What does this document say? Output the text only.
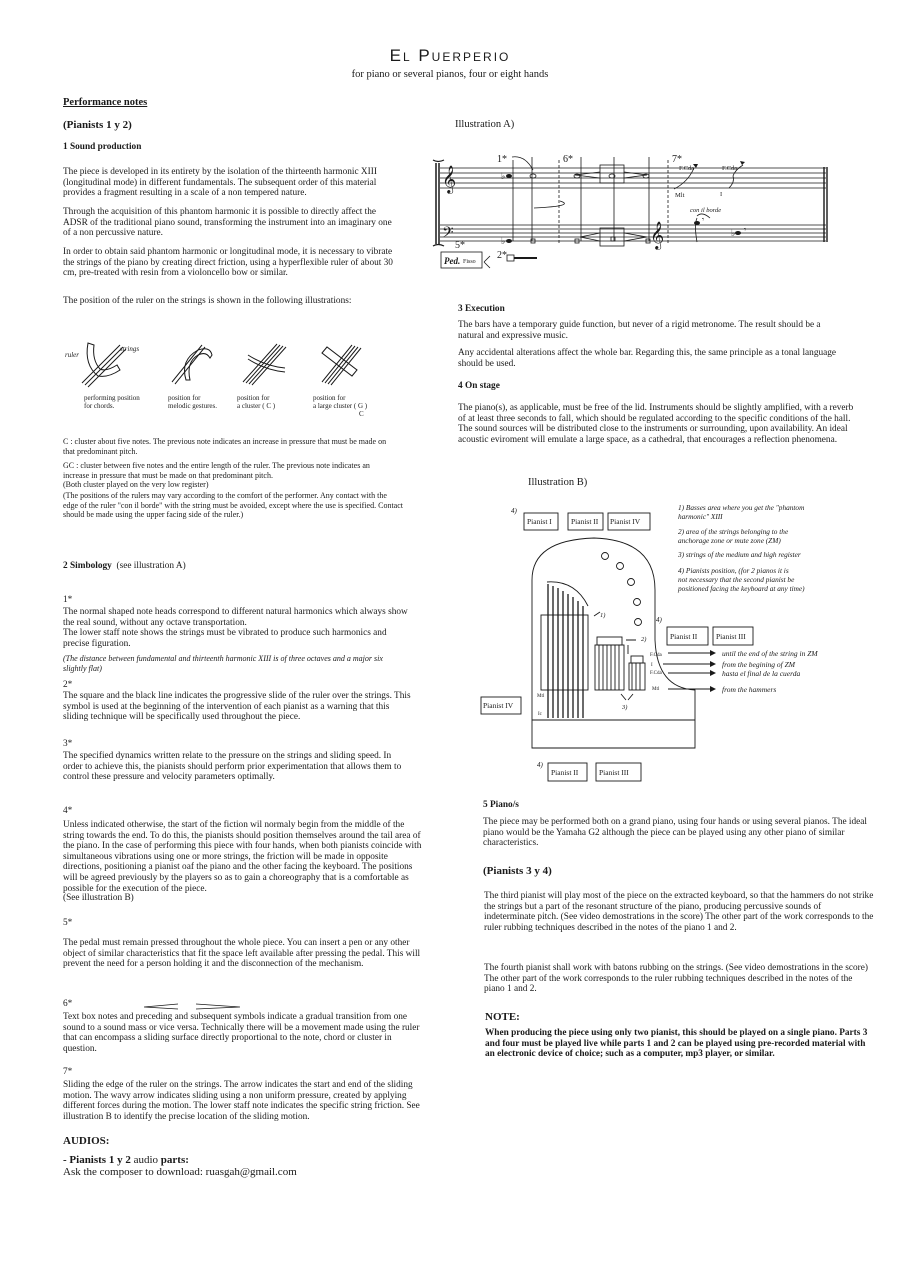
El Puerperio
for piano or several pianos, four or eight hands

Performance notes

(Pianists 1 y 2)

1 Sound production

The piece is developed in its entirety by the isolation of the thirteenth harmonic XIII (longitudinal mode) in different fundamentals. The subsequent order of this material provides a fragment resulting in a scale of a non tempered nature.

Through the acquisition of this phantom harmonic it is possible to directly affect the ADSR of the traditional piano sound, transforming the instrument into an imaginary one of a non percussive nature.

In order to obtain said phantom harmonic or longitudinal mode, it is necessary to vibrate the strings of the piano by creating direct friction, using a hyperflexible ruler of about 30 cm, pre-treated with resin from a violoncello bow or similar.

The position of the ruler on the strings is shown in the following illustrations:

performing position
for chords.
position for
melodic gestures.
position for
a cluster ( C )
position for
a large cluster ( G )
C

C : cluster about five notes. The previous note indicates an increase in pressure that must be made on that predominant pitch.

GC : cluster between five notes and the entire length of the ruler. The previous note indicates an increase in pressure that must be made on that predominant pitch.

(Both cluster played on the very low register)

(The positions of the rulers may vary according to the comfort of the performer. Any contact with the edge of the ruler "con il borde" with the string must be avoided, except where the use is specified. Contact should be made using the upper facing side of the ruler.)

2 Simbology (see illustration A)

1*

The normal shaped note heads correspond to different natural harmonics which always show the real sound, without any octave transportation.

The lower staff note shows the strings must be vibrated to produce such harmonics and precise figuration.

(The distance between fundamental and thirteenth harmonic XIII is of three octaves and a major six slightly flat)

2*

The square and the black line indicates the progressive slide of the ruler over the strings. This symbol is used at the beginning of the intervention of each pianist as a warning that this sliding technique will be specifically used throughout the piece.

3*

The specified dynamics written relate to the pressure on the strings and sliding speed. In order to achieve this, the pianists should perform prior experimentation that allows them to control these pressure and velocity parameters optimally.

4*

Unless indicated otherwise, the start of the fiction wil normaly begin from the middle of the string towards the end. To do this, the pianists should position themselves around the tail area of the piano. In the case of performing this piece with four hands, when both pianists coincide with simultaneous vibrations using one or more strings, the friction will be made in opposite directions, positioning a pianist oaf the piano and the other facing the keyboard. The positions will be agreed previously by the players so as to gain a choreography that is a comfortable as possible for the execution of the piece.

(See illustration B)

5*

The pedal must remain pressed throughout the whole piece. You can insert a pen or any other object of similar characteristics that fit the space left available after pressing the pedal. This will prevent the need for a person holding it and the disconnection of the mechanism.

6*

Text box notes and preceding and subsequent symbols indicate a gradual transition from one sound to a sound mass or vice versa. Technically there will be a movement made using the ruler that can encompass a sliding surface directly proportional to the note, chord or cluster in question.

7*

Sliding the edge of the ruler on the strings. The arrow indicates the start and end of the sliding motion. The wavy arrow indicates sliding using a non uniform pressure, created by applying different forces during the motion. The lower staff note indicates the specific string friction. See illustration B to identify the precise location of the sliding motion.

AUDIOS:

- Pianists 1 y 2 audio parts:

Ask the composer to download: ruasgah@gmail.com

Illustration A)

3 Execution

The bars have a temporary guide function, but never of a rigid metronome. The result should be a natural and expressive music.

Any accidental alterations affect the whole bar. Regarding this, the same principle as a tonal language should be used.

4 On stage

The piano(s), as applicable, must be free of the lid. Instruments should be slightly amplified, with a reverb of at least three seconds to fall, which should be regulated according to the specific conditions of the hall. The sound sources will be distributed close to the instruments or surrounding, upon availability. An ideal acoustic eviroment will emulate a large space, as a cathedral, that encourages a reflection phenomena.

Illustration B)

5 Piano/s

The piece may be performed both on a grand piano, using four hands or using several pianos. The ideal piano would be the Yamaha G2 although the piece can be played using any other piano of similar characteristics.

(Pianists 3 y 4)

The third pianist will play most of the piece on the extracted keyboard, so that the hammers do not strike the strings but a part of the resonant structure of the piano, producing percussive sounds of indeterminate pitch. (See video demostrations in the score) The other part of the work corresponds to the ruler rubbing techniques described in the notes of the piano 1 and 2.

The fourth pianist shall work with batons rubbing on the strings. (See video demostrations in the score) The other part of the work corresponds to the ruler rubbing techniques described in the notes of the piano 1 and 2.

NOTE:

When producing the piece using only two pianist, this should be played on a single piano. Parts 3 and four must be played live while parts 1 and 2 can be played using pre-recorded material with an electronic device of choice; such as a computer, mp3 player, or similar.

𝄞
𝄢	𝄞
𝄾
𝄾
♭
♭
♭
1*	6*	7*
5*
2*
F.Cda	F.Cda
Mlt	I
con il borde
Ped. Fisso
4)
4)
4)
Pianist I	Pianist II Pianist IV
Pianist II Pianist III
Pianist IV
Pianist II	Pianist III
1) Basses area where you get the "phantom
harmonic" XIII
2) area of the strings belonging to the
anchorage zone or mute zone (ZM)
3) strings of the medium and high register
4) Pianists position, (for 2 pianos it is
not necessary that the second pianist be
positioned facing the keyboard at any time)
1)
2)
3)
F.Cda
I
F.Cda
Mtl
Mtl
Ic
until the end of the string in ZM
from the begining of ZM
hasta el final de la cuerda
from the hammers
ruler
strings
